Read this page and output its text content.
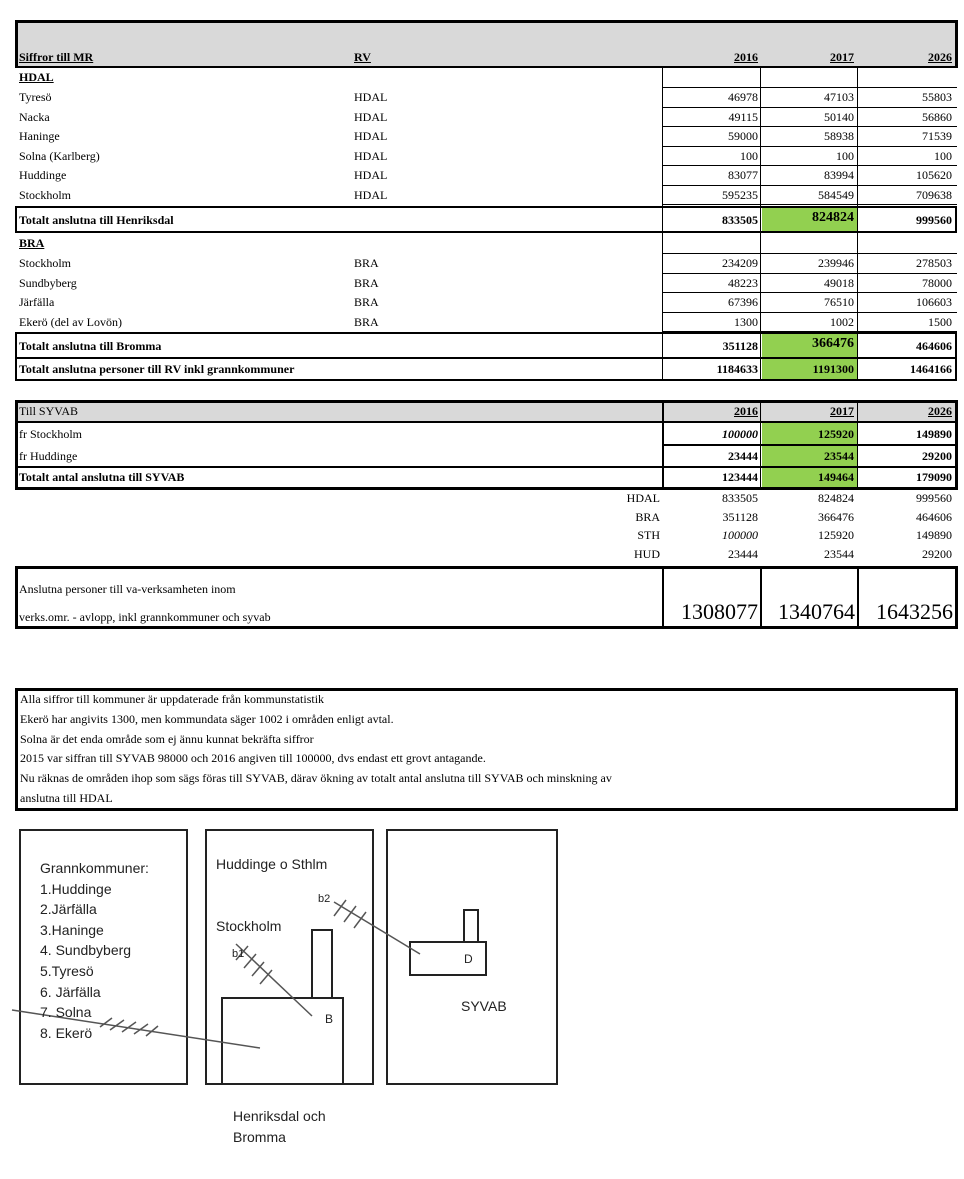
Siffror till MR	RV	2016	2017	2026
HDAL
Tyresö	HDAL	46978	47103	55803
Nacka	HDAL	49115	50140	56860
Haninge	HDAL	59000	58938	71539
Solna (Karlberg)	HDAL	100	100	100
Huddinge	HDAL	83077	83994	105620
Stockholm	HDAL	595235	584549	709638
Totalt anslutna till Henriksdal	833505	824824	999560
BRA
Stockholm	BRA	234209	239946	278503
Sundbyberg	BRA	48223	49018	78000
Järfälla	BRA	67396	76510	106603
Ekerö (del av Lovön)	BRA	1300	1002	1500
Totalt anslutna till Bromma	351128	366476	464606
Totalt anslutna personer till RV inkl grannkommuner	1184633	1191300	1464166
Till SYVAB	2016	2017	2026
fr Stockholm	100000	125920	149890
fr Huddinge	23444	23544	29200
Totalt antal anslutna till SYVAB	123444	149464	179090
HDAL	833505	824824	999560
BRA	351128	366476	464606
STH	100000	125920	149890
HUD	23444	23544	29200
Anslutna personer till va-verksamheten inom
verks.omr. - avlopp, inkl grannkommuner och syvab	1308077 1340764 1643256
Alla siffror till kommuner är uppdaterade från kommunstatistik
Ekerö har angivits 1300, men kommundata säger 1002 i områden enligt avtal.
Solna är det enda område som ej ännu kunnat bekräfta siffror
2015 var siffran till SYVAB 98000 och 2016 angiven till 100000, dvs endast ett grovt antagande.
Nu räknas de områden ihop som sägs föras till SYVAB, därav ökning av totalt antal anslutna till SYVAB och minskning av
anslutna till HDAL
Grannkommuner:
1.Huddinge
2.Järfälla
3.Haninge
4. Sundbyberg
5.Tyresö
6. Järfälla
7. Solna
8. Ekerö
Huddinge o Sthlm
Stockholm
b1
b2
B
D
SYVAB
Henriksdal och
Bromma
